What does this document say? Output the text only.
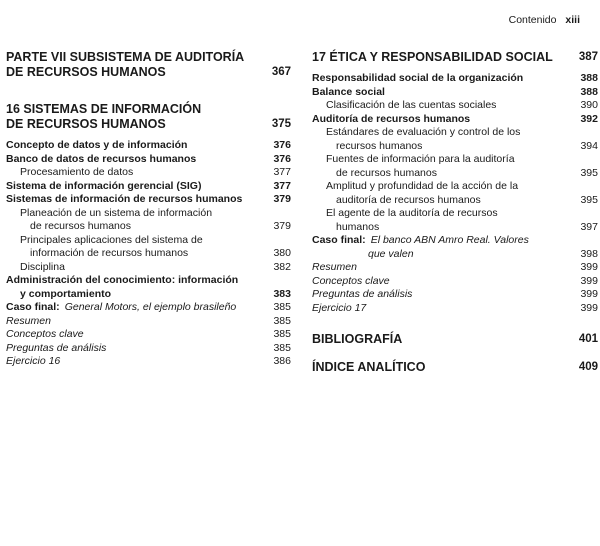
Contenido xiii
PARTE VII SUBSISTEMA DE AUDITORÍA
DE RECURSOS HUMANOS	367
16 SISTEMAS DE INFORMACIÓN
DE RECURSOS HUMANOS	375
Concepto de datos y de información	376
Banco de datos de recursos humanos	376
Procesamiento de datos	377
Sistema de información gerencial (SIG)	377
Sistemas de información de recursos humanos	379
Planeación de un sistema de información
de recursos humanos	379
Principales aplicaciones del sistema de
información de recursos humanos	380
Disciplina	382
Administración del conocimiento: información
y comportamiento	383
Caso final: General Motors, el ejemplo brasileño	385
Resumen	385
Conceptos clave	385
Preguntas de análisis	385
Ejercicio 16	386
17 ÉTICA Y RESPONSABILIDAD SOCIAL	387
Responsabilidad social de la organización	388
Balance social	388
Clasificación de las cuentas sociales	390
Auditoría de recursos humanos	392
Estándares de evaluación y control de los
recursos humanos	394
Fuentes de información para la auditoría
de recursos humanos	395
Amplitud y profundidad de la acción de la
auditoría de recursos humanos	395
El agente de la auditoría de recursos
humanos	397
Caso final: El banco ABN Amro Real. Valores
que valen	398
Resumen	399
Conceptos clave	399
Preguntas de análisis	399
Ejercicio 17	399
BIBLIOGRAFÍA	401
ÍNDICE ANALÍTICO	409
